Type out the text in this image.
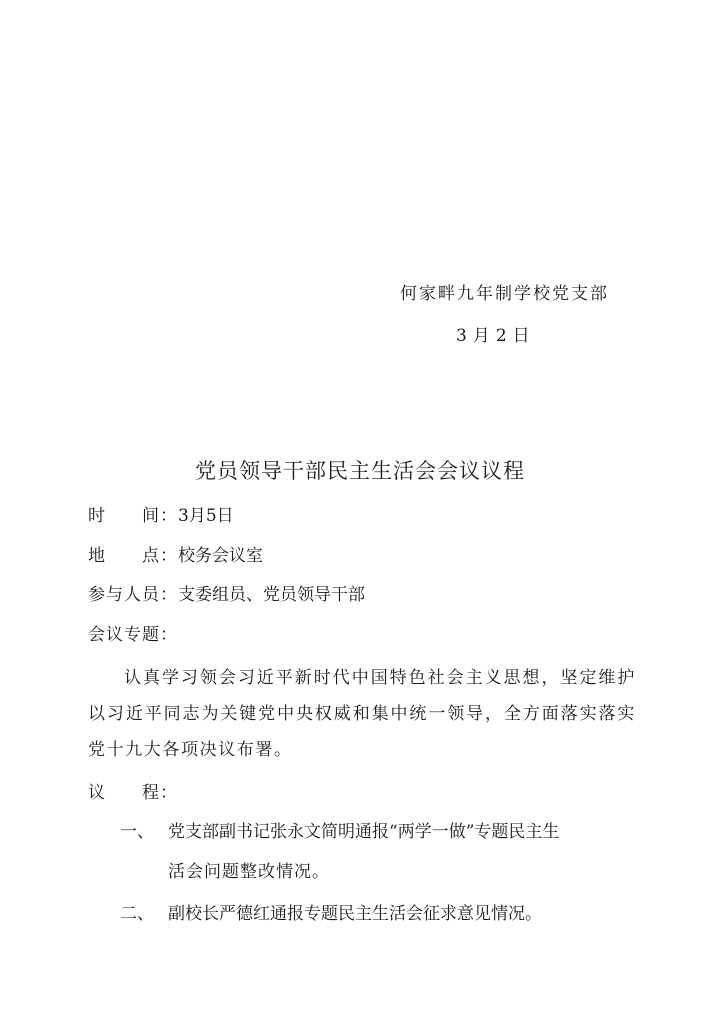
何家畔九年制学校党支部
3月2日
党员领导干部民主生活会会议议程
时　　间：3月5日
地　　点：校务会议室
参与人员：支委组员、党员领导干部
会议专题：
认真学习领会习近平新时代中国特色社会主义思想，坚定维护以习近平同志为关键党中央权威和集中统一领导，全方面落实落实党十九大各项决议布署。
议　　程：
一、 党支部副书记张永文简明通报“两学一做”专题民主生
活会问题整改情况。
二、 副校长严德红通报专题民主生活会征求意见情况。
